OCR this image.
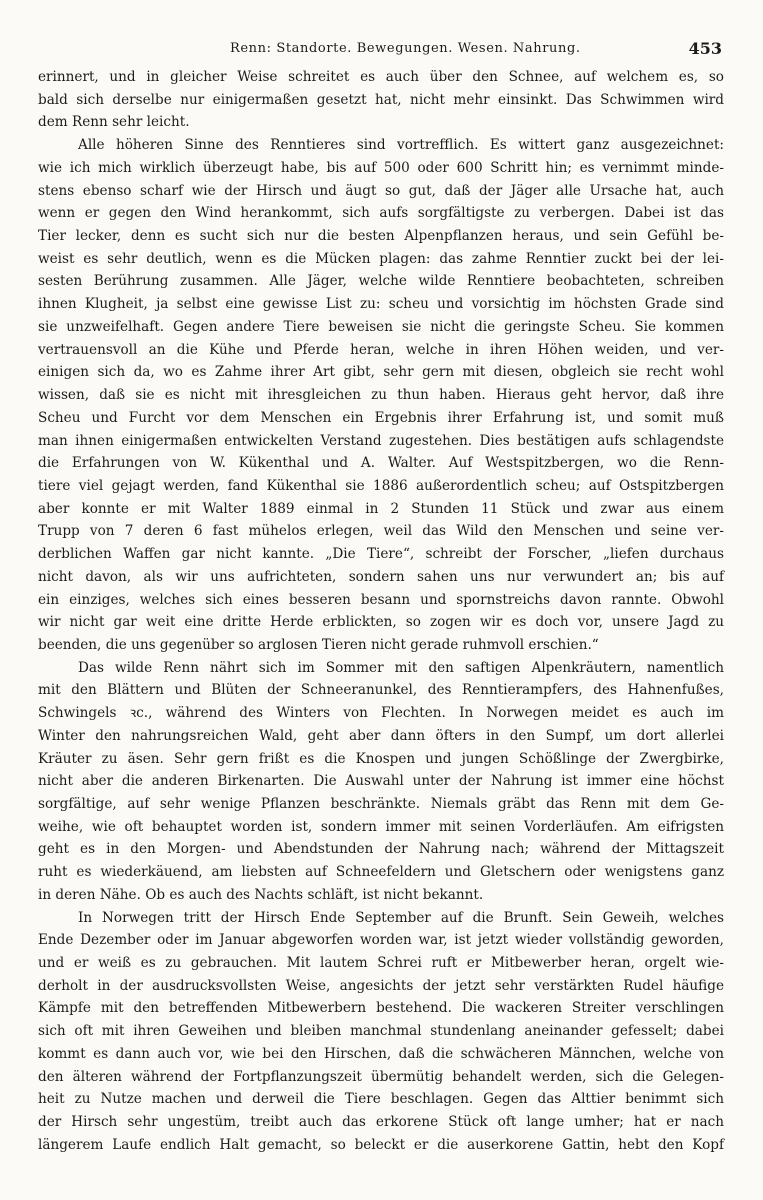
Renn: Standorte. Bewegungen. Wesen. Nahrung.	453
erinnert, und in gleicher Weise schreitet es auch über den Schnee, auf welchem es, so
bald sich derselbe nur einigermaßen gesetzt hat, nicht mehr einsinkt. Das Schwimmen wird
dem Renn sehr leicht.
Alle höheren Sinne des Renntieres sind vortrefflich. Es wittert ganz ausgezeichnet:
wie ich mich wirklich überzeugt habe, bis auf 500 oder 600 Schritt hin; es vernimmt minde-
stens ebenso scharf wie der Hirsch und äugt so gut, daß der Jäger alle Ursache hat, auch
wenn er gegen den Wind herankommt, sich aufs sorgfältigste zu verbergen. Dabei ist das
Tier lecker, denn es sucht sich nur die besten Alpenpflanzen heraus, und sein Gefühl be-
weist es sehr deutlich, wenn es die Mücken plagen: das zahme Renntier zuckt bei der lei-
sesten Berührung zusammen. Alle Jäger, welche wilde Renntiere beobachteten, schreiben
ihnen Klugheit, ja selbst eine gewisse List zu: scheu und vorsichtig im höchsten Grade sind
sie unzweifelhaft. Gegen andere Tiere beweisen sie nicht die geringste Scheu. Sie kommen
vertrauensvoll an die Kühe und Pferde heran, welche in ihren Höhen weiden, und ver-
einigen sich da, wo es Zahme ihrer Art gibt, sehr gern mit diesen, obgleich sie recht wohl
wissen, daß sie es nicht mit ihresgleichen zu thun haben. Hieraus geht hervor, daß ihre
Scheu und Furcht vor dem Menschen ein Ergebnis ihrer Erfahrung ist, und somit muß
man ihnen einigermaßen entwickelten Verstand zugestehen. Dies bestätigen aufs schlagendste
die Erfahrungen von W. Kükenthal und A. Walter. Auf Westspitzbergen, wo die Renn-
tiere viel gejagt werden, fand Kükenthal sie 1886 außerordentlich scheu; auf Ostspitzbergen
aber konnte er mit Walter 1889 einmal in 2 Stunden 11 Stück und zwar aus einem
Trupp von 7 deren 6 fast mühelos erlegen, weil das Wild den Menschen und seine ver-
derblichen Waffen gar nicht kannte. „Die Tiere“, schreibt der Forscher, „liefen durchaus
nicht davon, als wir uns aufrichteten, sondern sahen uns nur verwundert an; bis auf
ein einziges, welches sich eines besseren besann und spornstreichs davon rannte. Obwohl
wir nicht gar weit eine dritte Herde erblickten, so zogen wir es doch vor, unsere Jagd zu
beenden, die uns gegenüber so arglosen Tieren nicht gerade ruhmvoll erschien.“
Das wilde Renn nährt sich im Sommer mit den saftigen Alpenkräutern, namentlich
mit den Blättern und Blüten der Schneeranunkel, des Renntierampfers, des Hahnenfußes,
Schwingels ꝛc., während des Winters von Flechten. In Norwegen meidet es auch im
Winter den nahrungsreichen Wald, geht aber dann öfters in den Sumpf, um dort allerlei
Kräuter zu äsen. Sehr gern frißt es die Knospen und jungen Schößlinge der Zwergbirke,
nicht aber die anderen Birkenarten. Die Auswahl unter der Nahrung ist immer eine höchst
sorgfältige, auf sehr wenige Pflanzen beschränkte. Niemals gräbt das Renn mit dem Ge-
weihe, wie oft behauptet worden ist, sondern immer mit seinen Vorderläufen. Am eifrigsten
geht es in den Morgen- und Abendstunden der Nahrung nach; während der Mittagszeit
ruht es wiederkäuend, am liebsten auf Schneefeldern und Gletschern oder wenigstens ganz
in deren Nähe. Ob es auch des Nachts schläft, ist nicht bekannt.
In Norwegen tritt der Hirsch Ende September auf die Brunft. Sein Geweih, welches
Ende Dezember oder im Januar abgeworfen worden war, ist jetzt wieder vollständig geworden,
und er weiß es zu gebrauchen. Mit lautem Schrei ruft er Mitbewerber heran, orgelt wie-
derholt in der ausdrucksvollsten Weise, angesichts der jetzt sehr verstärkten Rudel häufige
Kämpfe mit den betreffenden Mitbewerbern bestehend. Die wackeren Streiter verschlingen
sich oft mit ihren Geweihen und bleiben manchmal stundenlang aneinander gefesselt; dabei
kommt es dann auch vor, wie bei den Hirschen, daß die schwächeren Männchen, welche von
den älteren während der Fortpflanzungszeit übermütig behandelt werden, sich die Gelegen-
heit zu Nutze machen und derweil die Tiere beschlagen. Gegen das Alttier benimmt sich
der Hirsch sehr ungestüm, treibt auch das erkorene Stück oft lange umher; hat er nach
längerem Laufe endlich Halt gemacht, so beleckt er die auserkorene Gattin, hebt den Kopf
